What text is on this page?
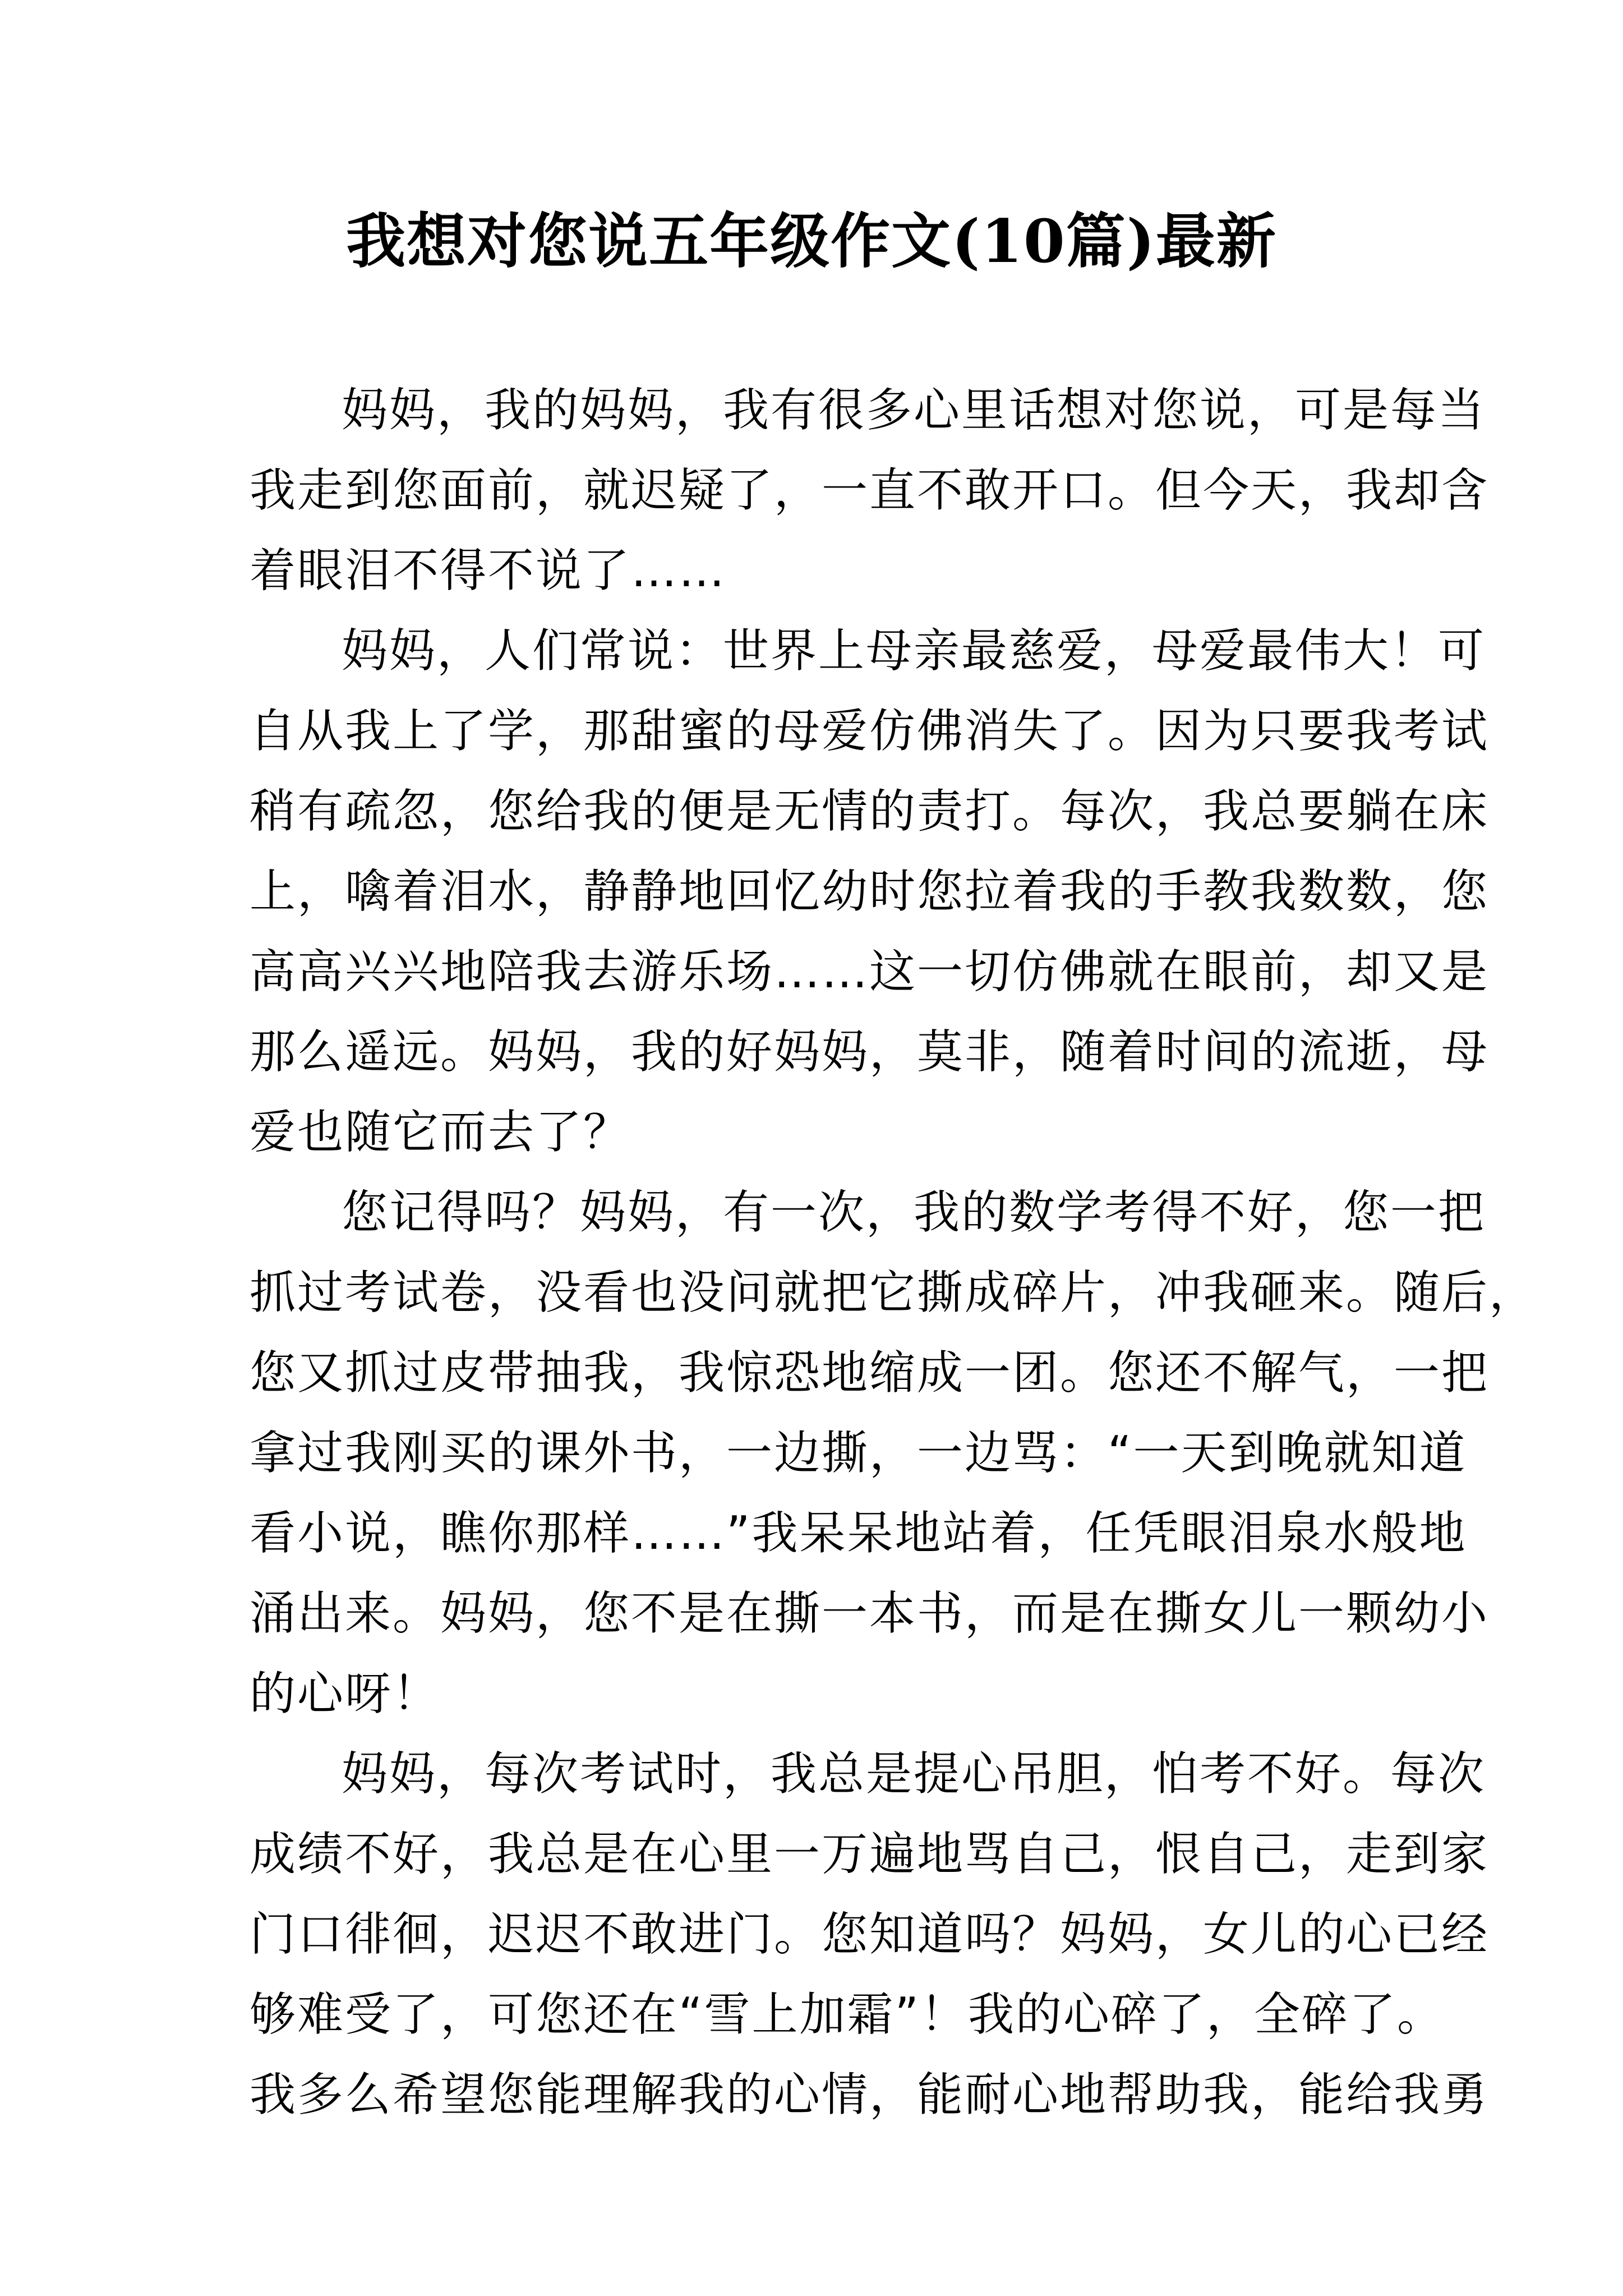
我想对您说五年级作文(10篇)最新
妈妈，我的妈妈，我有很多心里话想对您说，可是每当
我走到您面前，就迟疑了，一直不敢开口。但今天，我却含
着眼泪不得不说了……
妈妈，人们常说：世界上母亲最慈爱，母爱最伟大！可
自从我上了学，那甜蜜的母爱仿佛消失了。因为只要我考试
稍有疏忽，您给我的便是无情的责打。每次，我总要躺在床
上，噙着泪水，静静地回忆幼时您拉着我的手教我数数，您
高高兴兴地陪我去游乐场……这一切仿佛就在眼前，却又是
那么遥远。妈妈，我的好妈妈，莫非，随着时间的流逝，母
爱也随它而去了？
您记得吗？妈妈，有一次，我的数学考得不好，您一把
抓过考试卷，没看也没问就把它撕成碎片，冲我砸来。随后，
您又抓过皮带抽我，我惊恐地缩成一团。您还不解气，一把
拿过我刚买的课外书，一边撕，一边骂：“一天到晚就知道
看小说，瞧你那样……”我呆呆地站着，任凭眼泪泉水般地
涌出来。妈妈，您不是在撕一本书，而是在撕女儿一颗幼小
的心呀！
妈妈，每次考试时，我总是提心吊胆，怕考不好。每次
成绩不好，我总是在心里一万遍地骂自己，恨自己，走到家
门口徘徊，迟迟不敢进门。您知道吗？妈妈，女儿的心已经
够难受了，可您还在“雪上加霜”！我的心碎了，全碎了。
我多么希望您能理解我的心情，能耐心地帮助我，能给我勇
